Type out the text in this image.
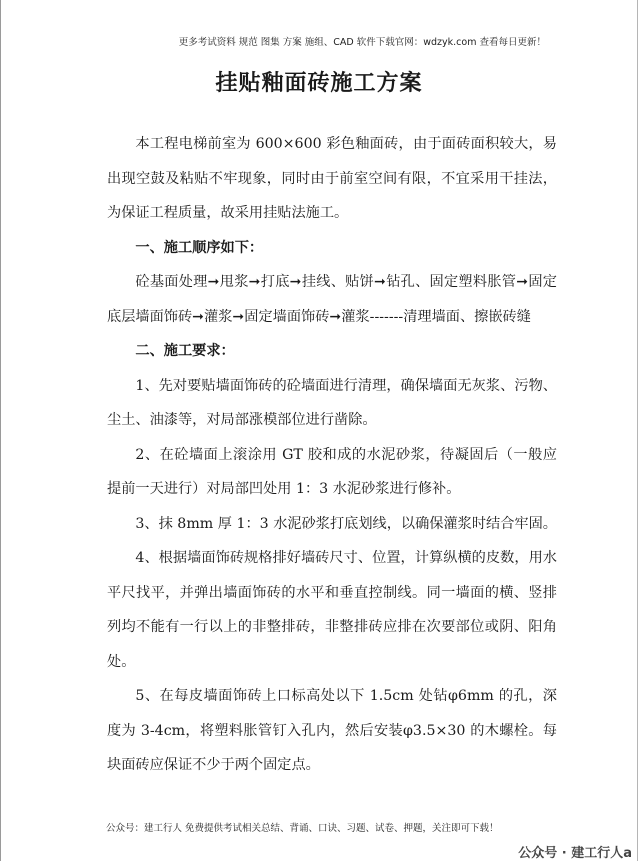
更多考试资料 规范 图集 方案 施组、CAD 软件下载官网：wdzyk.com 查看每日更新！
挂贴釉面砖施工方案

本工程电梯前室为 600×600 彩色釉面砖，由于面砖面积较大，易出现空鼓及粘贴不牢现象，同时由于前室空间有限，不宜采用干挂法，为保证工程质量，故采用挂贴法施工。

一、施工顺序如下：

砼基面处理➞甩浆➞打底➞挂线、贴饼➞钻孔、固定塑料胀管➞固定底层墙面饰砖➞灌浆➞固定墙面饰砖➞灌浆-------清理墙面、擦嵌砖缝

二、施工要求：

1、先对要贴墙面饰砖的砼墙面进行清理，确保墙面无灰浆、污物、尘土、油漆等，对局部涨模部位进行凿除。

2、在砼墙面上滚涂用 GT 胶和成的水泥砂浆，待凝固后（一般应提前一天进行）对局部凹处用 1：3 水泥砂浆进行修补。

3、抹 8mm 厚 1：3 水泥砂浆打底划线，以确保灌浆时结合牢固。

4、根据墙面饰砖规格排好墙砖尺寸、位置，计算纵横的皮数，用水平尺找平，并弹出墙面饰砖的水平和垂直控制线。同一墙面的横、竖排列均不能有一行以上的非整排砖，非整排砖应排在次要部位或阴、阳角处。

5、在每皮墙面饰砖上口标高处以下 1.5cm 处钻φ6mm 的孔，深度为 3-4cm，将塑料胀管钉入孔内，然后安装φ3.5×30 的木螺栓。每块面砖应保证不少于两个固定点。

公众号：建工行人 免费提供考试相关总结、背诵、口诀、习题、试卷、押题，关注即可下载！
公众号 · 建工行人a
